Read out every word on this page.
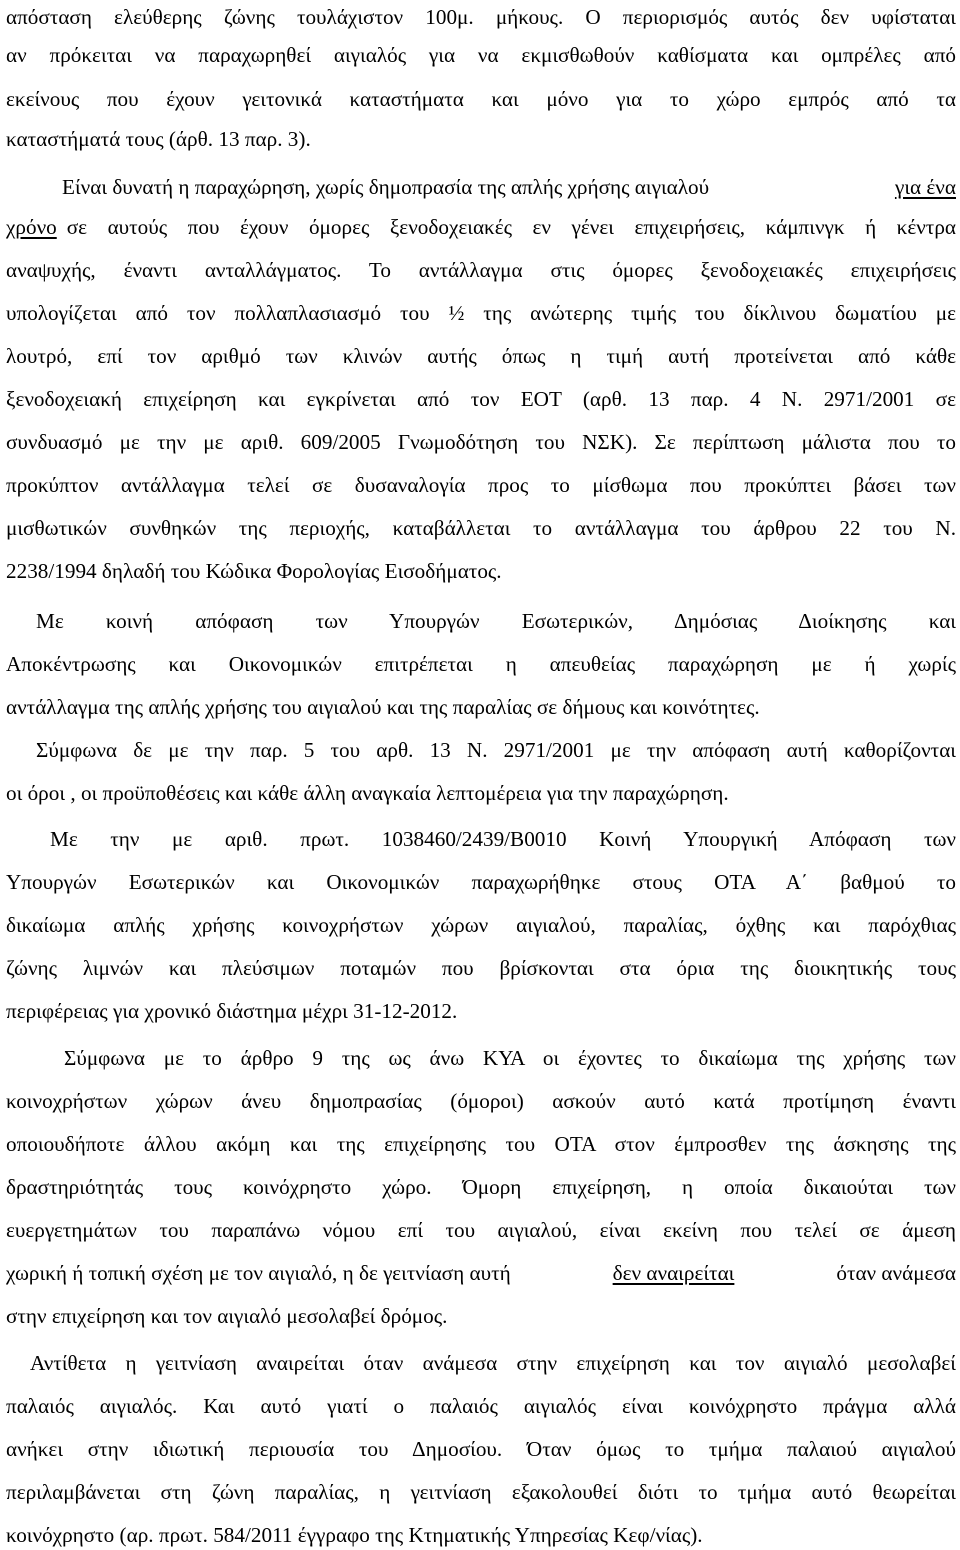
απόσταση ελεύθερης ζώνης τουλάχιστον 100μ. μήκους. Ο περιορισμός αυτός δεν υφίσταται
αν πρόκειται να παραχωρηθεί αιγιαλός για να εκμισθωθούν καθίσματα και ομπρέλες από
εκείνους που έχουν γειτονικά καταστήματα και μόνο για το χώρο εμπρός από τα
καταστήματά τους (άρθ. 13 παρ. 3).
Είναι δυνατή η παραχώρηση, χωρίς δημοπρασία της απλής χρήσης αιγιαλού	για ένα
χρόνο σε αυτούς που έχουν όμορες ξενοδοχειακές εν γένει επιχειρήσεις, κάμπινγκ ή κέντρα
αναψυχής, έναντι ανταλλάγματος. Το αντάλλαγμα στις όμορες ξενοδοχειακές επιχειρήσεις
υπολογίζεται από τον πολλαπλασιασμό του ½ της ανώτερης τιμής του δίκλινου δωματίου με
λουτρό, επί τον αριθμό των κλινών αυτής όπως η τιμή αυτή προτείνεται από κάθε
ξενοδοχειακή επιχείρηση και εγκρίνεται από τον ΕΟΤ (αρθ. 13 παρ. 4 Ν. 2971/2001 σε
συνδυασμό με την με αριθ. 609/2005 Γνωμοδότηση του ΝΣΚ). Σε περίπτωση μάλιστα που το
προκύπτον αντάλλαγμα τελεί σε δυσαναλογία προς το μίσθωμα που προκύπτει βάσει των
μισθωτικών συνθηκών της περιοχής, καταβάλλεται το αντάλλαγμα του άρθρου 22 του Ν.
2238/1994 δηλαδή του Κώδικα Φορολογίας Εισοδήματος.
Με κοινή απόφαση των Υπουργών Εσωτερικών, Δημόσιας Διοίκησης και
Αποκέντρωσης και Οικονομικών επιτρέπεται η απευθείας παραχώρηση με ή χωρίς
αντάλλαγμα της απλής χρήσης του αιγιαλού και της παραλίας σε δήμους και κοινότητες.
Σύμφωνα δε με την παρ. 5 του αρθ. 13 Ν. 2971/2001 με την απόφαση αυτή καθορίζονται
οι όροι , οι προϋποθέσεις και κάθε άλλη αναγκαία λεπτομέρεια για την παραχώρηση.
Με την με αριθ. πρωτ. 1038460/2439/Β0010 Κοινή Υπουργική Απόφαση των
Υπουργών Εσωτερικών και Οικονομικών παραχωρήθηκε στους ΟΤΑ Α΄ βαθμού το
δικαίωμα απλής χρήσης κοινοχρήστων χώρων αιγιαλού, παραλίας, όχθης και παρόχθιας
ζώνης λιμνών και πλεύσιμων ποταμών που βρίσκονται στα όρια της διοικητικής τους
περιφέρειας για χρονικό διάστημα μέχρι 31-12-2012.
Σύμφωνα με το άρθρο 9 της ως άνω ΚΥΑ οι έχοντες το δικαίωμα της χρήσης των
κοινοχρήστων χώρων άνευ δημοπρασίας (όμοροι) ασκούν αυτό κατά προτίμηση έναντι
οποιουδήποτε άλλου ακόμη και της επιχείρησης του ΟΤΑ στον έμπροσθεν της άσκησης της
δραστηριότητάς τους κοινόχρηστο χώρο. Όμορη επιχείρηση, η οποία δικαιούται των
ευεργετημάτων του παραπάνω νόμου επί του αιγιαλού, είναι εκείνη που τελεί σε άμεση
χωρική ή τοπική σχέση με τον αιγιαλό, η δε γειτνίαση αυτή	δεν αναιρείται	όταν ανάμεσα
στην επιχείρηση και τον αιγιαλό μεσολαβεί δρόμος.
Αντίθετα η γειτνίαση αναιρείται όταν ανάμεσα στην επιχείρηση και τον αιγιαλό μεσολαβεί
παλαιός αιγιαλός. Και αυτό γιατί ο παλαιός αιγιαλός είναι κοινόχρηστο πράγμα αλλά
ανήκει στην ιδιωτική περιουσία του Δημοσίου. Όταν όμως το τμήμα παλαιού αιγιαλού
περιλαμβάνεται στη ζώνη παραλίας, η γειτνίαση εξακολουθεί διότι το τμήμα αυτό θεωρείται
κοινόχρηστο (αρ. πρωτ. 584/2011 έγγραφο της Κτηματικής Υπηρεσίας Κεφ/νίας).
